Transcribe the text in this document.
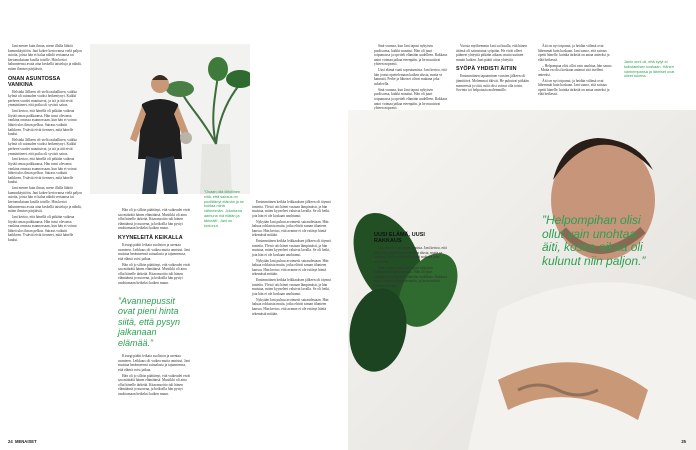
Jani menee kuin ilman, mene illalla lähtöä kumonkäyttöön. Jani kokee kertovansa vielä paljon asioita, joista hän ei halua nähdä vertaansa tai kertomuksiaan kuulla toisille. Hän kertoi halunneensa avata aina keskellä taisteluja ja nähdä, miten ihmiset pärjäävät.

ONAN ASUNTOSSA VANKINA

Helsinki Jälkeen oli vielä rauhallinen, vaikka kylmä oli sairauden vuoksi heikentynyt. Kaikki perheen vuodet muuttuivat, ja isä ja äiti eivät ymmärtäneet, että poika oli syvästi sairas.

Jani kertoo, että hänellä oli pitkään vaikeaa löytää omaa paikkaansa. Hän tunsi olevansa vankina omassa asunnossaan, kun hän ei voinut lähteä ulos ilman pelkoa. Sairaus vaikutti kaikkeen. Ystävät eivät tienneet, mitä hänelle kuului.

Helsinki Jälkeen oli vielä rauhallinen, vaikka kylmä oli sairauden vuoksi heikentynyt. Kaikki perheen vuodet muuttuivat, ja isä ja äiti eivät ymmärtäneet, että poika oli syvästi sairas.

Jani kertoo, että hänellä oli pitkään vaikeaa löytää omaa paikkaansa. Hän tunsi olevansa vankina omassa asunnossaan, kun hän ei voinut lähteä ulos ilman pelkoa. Sairaus vaikutti kaikkeen. Ystävät eivät tienneet, mitä hänelle kuului.

Jani menee kuin ilman, mene illalla lähtöä kumonkäyttöön. Jani kokee kertovansa vielä paljon asioita, joista hän ei halua nähdä vertaansa tai kertomuksiaan kuulla toisille. Hän kertoi halunneensa avata aina keskellä taisteluja ja nähdä, miten ihmiset pärjäävät.

Jani kertoo, että hänellä oli pitkään vaikeaa löytää omaa paikkaansa. Hän tunsi olevansa vankina omassa asunnossaan, kun hän ei voinut lähteä ulos ilman pelkoa. Sairaus vaikutti kaikkeen. Ystävät eivät tienneet, mitä hänelle kuului.

Hän oli jo silloin päättänyt, että vaikeudet eivät saa määrätä hänen elämäänsä. Musiikki oli aina ollut hänelle tärkeää. Kitaransoitto tuli hänen elämäänsä jo nuorena, ja keikoilla hän pystyi unohtamaan hetkeksi kaiken muun.

KYYNELEITÄ KEIKALLA

Kirurgi päätti leikata suoliston ja asentaa avanteen. Leikkaus oli vaikea mutta onnistui. Jani muistaa heränneensä sairaalasta ja tajunneensa, että elämä voisi jatkua.

Hän oli jo silloin päättänyt, että vaikeudet eivät saa määrätä hänen elämäänsä. Musiikki oli aina ollut hänelle tärkeää. Kitaransoitto tuli hänen elämäänsä jo nuorena, ja keikoilla hän pystyi unohtamaan hetkeksi kaiken muun.

”Avannepussit ovat pieni hinta siitä, että pysyn jalkanaan elämää.”

Kirurgi päätti leikata suoliston ja asentaa avanteen. Leikkaus oli vaikea mutta onnistui. Jani muistaa heränneensä sairaalasta ja tajunneensa, että elämä voisi jatkua.

Hän oli jo silloin päättänyt, että vaikeudet eivät saa määrätä hänen elämäänsä. Musiikki oli aina ollut hänelle tärkeää. Kitaransoitto tuli hänen elämäänsä jo nuorena, ja keikoilla hän pystyi unohtamaan hetkeksi kaiken muun.

”Osaan olla kiitollinen siitä, että sairaus on puolittänyt elämän ja se kohtaa minä vähemmän. Jokaisena aamuna mä elätän ja tärkeää”, Jani on kertonut.

Ensimmäinen keikka leikkauksen jälkeen oli täynnä tunteita. Yleisö otti hänet vastaan lämpimästi, ja hän muistaa, miten kyyneleet valuivat lavalla. Se oli hetki, jota hän ei ole koskaan unohtanut.

Nykyään Jani puhuu avoimesti sairaudestaan. Hän haluaa rohkaista muita, jotka elävät saman tilanteen kanssa. Hän kertoo, että avanne ei ole estänyt häntä tekemästä mitään.

Ensimmäinen keikka leikkauksen jälkeen oli täynnä tunteita. Yleisö otti hänet vastaan lämpimästi, ja hän muistaa, miten kyyneleet valuivat lavalla. Se oli hetki, jota hän ei ole koskaan unohtanut.

Nykyään Jani puhuu avoimesti sairaudestaan. Hän haluaa rohkaista muita, jotka elävät saman tilanteen kanssa. Hän kertoo, että avanne ei ole estänyt häntä tekemästä mitään.

Ensimmäinen keikka leikkauksen jälkeen oli täynnä tunteita. Yleisö otti hänet vastaan lämpimästi, ja hän muistaa, miten kyyneleet valuivat lavalla. Se oli hetki, jota hän ei ole koskaan unohtanut.

Nykyään Jani puhuu avoimesti sairaudestaan. Hän haluaa rohkaista muita, jotka elävät saman tilanteen kanssa. Hän kertoo, että avanne ei ole estänyt häntä tekemästä mitään.

24 MENAISET

Sinä vuonna, kun Jani tapasi nykyisen puolisonsa, kaikki muuttui. Hän oli juuri toipumassa ja opetteli elämään uudelleen. Rakkaus antoi voimaa jatkaa eteenpäin, ja he muuttivat yhteen nopeasti.

Uusi elämä vaati sopeutumista. Jani kertoo, että hän joutui opettelemaan kaiken alusta, mutta se kannatti. Perhe ja läheiset olivat mukana joka askeleella.

Sinä vuonna, kun Jani tapasi nykyisen puolisonsa, kaikki muuttui. Hän oli juuri toipumassa ja opetteli elämään uudelleen. Rakkaus antoi voimaa jatkaa eteenpäin, ja he muuttivat yhteen nopeasti.

Vuosia myöhemmin Jani sai kuulla, että hänen äitinsä oli sairastunut syöpään. He eivät olleet pitäneet yhteyttä pitkään aikaan, mutta uutinen muutti kaiken. Jani päätti ottaa yhteyttä.

SYÖPÄ YHDISTI ÄITIIN

Ensimmäinen tapaaminen vuosien jälkeen oli jännittävä. Molemmat itkivät. He puhuivat pitkään menneestä ja siitä, mitä olisi voinut olla toisin. Sovinto toi helpotusta molemmille.

Äiti on nyt toipunut, ja heidän välinsä ovat lähemmät kuin koskaan. Jani sanoo, että sairaus opetti hänelle, kuinka tärkeää on antaa anteeksi ja elää hetkessä.

– Helpompaa olisi ollut vain unohtaa, hän sanoo. – Mutta en olisi koskaan antanut sitä itselleni anteeksi.

Äiti on nyt toipunut, ja heidän välinsä ovat lähemmät kuin koskaan. Jani sanoo, että sairaus opetti hänelle, kuinka tärkeää on antaa anteeksi ja elää hetkessä.

Janin onni oli, että sytyt ei todistamisen koskaan. Hänen vanhempansa ja läheiset ovat olleet tukena.
UUSI ELÄMÄ, UUSI RAKKAUS

Uusi elämä vaati sopeutumista. Jani kertoo, että hän joutui opettelemaan kaiken alusta, mutta se kannatti. Perhe ja läheiset olivat mukana joka askeleella.

Sinä vuonna, kun Jani tapasi nykyisen puolisonsa, kaikki muuttui. Hän oli juuri toipumassa ja opetteli elämään uudelleen. Rakkaus antoi voimaa jatkaa eteenpäin, ja he muuttivat yhteen nopeasti.

”Helpompihan olisi ollut vain unohtaa äiti, koska aikaa oli kulunut niin paljon.”
25
